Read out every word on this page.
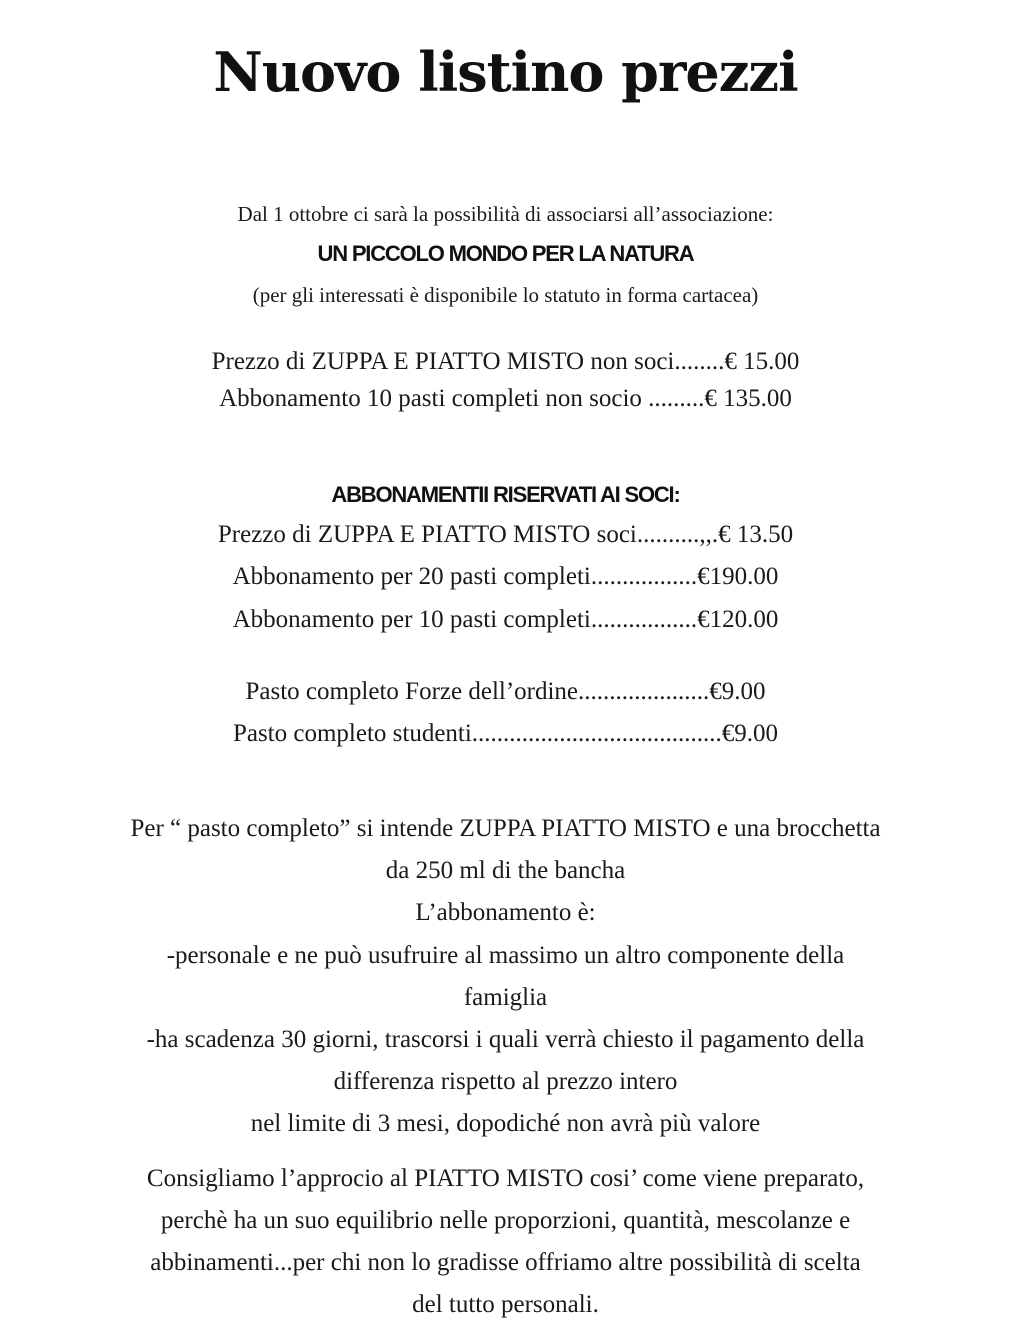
Nuovo listino prezzi
Dal 1 ottobre ci sarà la possibilità di associarsi all’associazione:
UN PICCOLO MONDO PER LA NATURA
(per gli interessati è disponibile lo statuto in forma cartacea)
Prezzo di ZUPPA E PIATTO MISTO non soci........€ 15.00
Abbonamento 10 pasti completi non socio .........€ 135.00
ABBONAMENTII RISERVATI AI SOCI:
Prezzo di ZUPPA E PIATTO MISTO soci..........,,.€ 13.50
Abbonamento per 20 pasti completi.................€190.00
Abbonamento per 10 pasti completi.................€120.00
Pasto completo Forze dell’ordine.....................€9.00
Pasto completo studenti........................................€9.00
Per “ pasto completo” si intende ZUPPA PIATTO MISTO e una brocchetta
da 250 ml di the bancha
L’abbonamento è:
-personale e ne può usufruire al massimo un altro componente della
famiglia
-ha scadenza 30 giorni, trascorsi i quali verrà chiesto il pagamento della
differenza rispetto al prezzo intero
nel limite di 3 mesi, dopodiché non avrà più valore
Consigliamo l’approcio al PIATTO MISTO cosi’ come viene preparato,
perchè ha un suo equilibrio nelle proporzioni, quantità, mescolanze e
abbinamenti...per chi non lo gradisse offriamo altre possibilità di scelta
del tutto personali.
